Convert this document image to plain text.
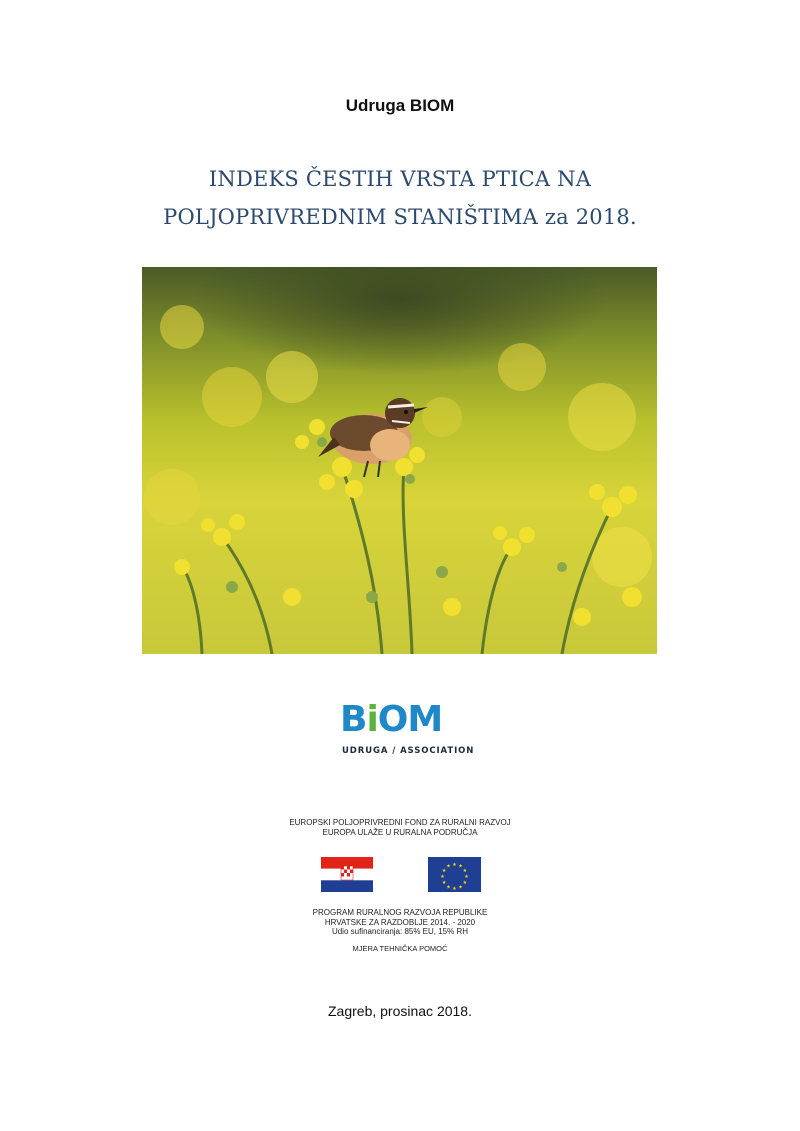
Udruga BIOM
INDEKS ČESTIH VRSTA PTICA NA
POLJOPRIVREDNIM STANIŠTIMA za 2018.
BiOM
UDRUGA / ASSOCIATION
EUROPSKI POLJOPRIVREDNI FOND ZA RURALNI RAZVOJ
EUROPA ULAŽE U RURALNA PODRUČJA
★ ★
★
★
★
★
★
★
★
★
★
★
PROGRAM RURALNOG RAZVOJA REPUBLIKE
HRVATSKE ZA RAZDOBLJE 2014. - 2020
Udio sufinanciranja: 85% EU, 15% RH
MJERA TEHNIČKA POMOĆ
Zagreb, prosinac 2018.
